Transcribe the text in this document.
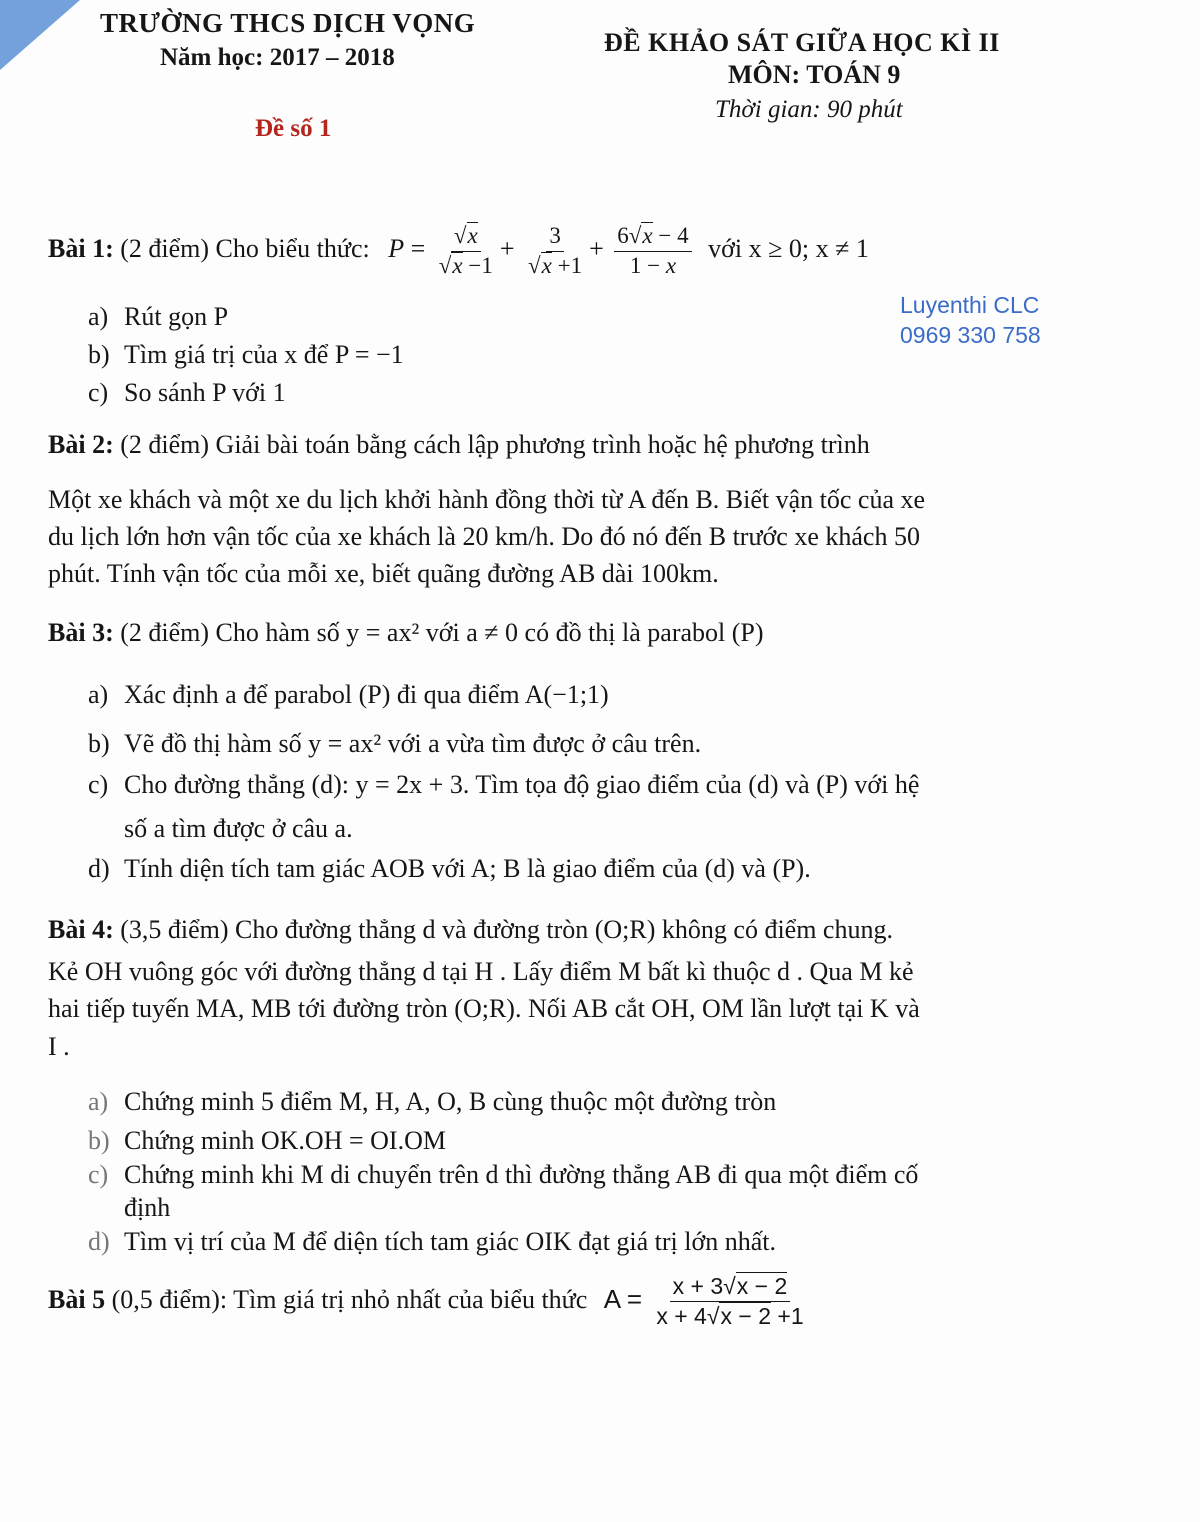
TRƯỜNG THCS DỊCH VỌNG
Năm học: 2017 – 2018
Đề số 1
ĐỀ KHẢO SÁT GIỮA HỌC KÌ II
MÔN: TOÁN 9
Thời gian: 90 phút
Luyenthi CLC
0969 330 758
Bài 1: (2 điểm) Cho biểu thức: $P = \frac{√x}{√x -1} + \frac{3}{√x +1} + \frac{6√x - 4}{1 - x}$ với x ≥ 0; x ≠ 1
a) Rút gọn P
b) Tìm giá trị của x để P = −1
c) So sánh P với 1
Bài 2: (2 điểm) Giải bài toán bằng cách lập phương trình hoặc hệ phương trình
Một xe khách và một xe du lịch khởi hành đồng thời từ A đến B. Biết vận tốc của xe
du lịch lớn hơn vận tốc của xe khách là 20 km/h. Do đó nó đến B trước xe khách 50
phút. Tính vận tốc của mỗi xe, biết quãng đường AB dài 100km.
Bài 3: (2 điểm) Cho hàm số y = ax² với a ≠ 0 có đồ thị là parabol (P)
a) Xác định a để parabol (P) đi qua điểm A(−1;1)
b) Vẽ đồ thị hàm số y = ax² với a vừa tìm được ở câu trên.
c) Cho đường thẳng (d): y = 2x + 3. Tìm tọa độ giao điểm của (d) và (P) với hệ
số a tìm được ở câu a.
d) Tính diện tích tam giác AOB với A; B là giao điểm của (d) và (P).
Bài 4: (3,5 điểm) Cho đường thẳng d và đường tròn (O;R) không có điểm chung.
Kẻ OH vuông góc với đường thẳng d tại H . Lấy điểm M bất kì thuộc d . Qua M kẻ
hai tiếp tuyến MA, MB tới đường tròn (O;R). Nối AB cắt OH, OM lần lượt tại K và
I .
a) Chứng minh 5 điểm M, H, A, O, B cùng thuộc một đường tròn
b) Chứng minh OK.OH = OI.OM
c) Chứng minh khi M di chuyển trên d thì đường thẳng AB đi qua một điểm cố
định
d) Tìm vị trí của M để diện tích tam giác OIK đạt giá trị lớn nhất.
Bài 5 (0,5 điểm): Tìm giá trị nhỏ nhất của biểu thức $A = \frac{x + 3√x - 2}{x + 4√x - 2 +1}$
